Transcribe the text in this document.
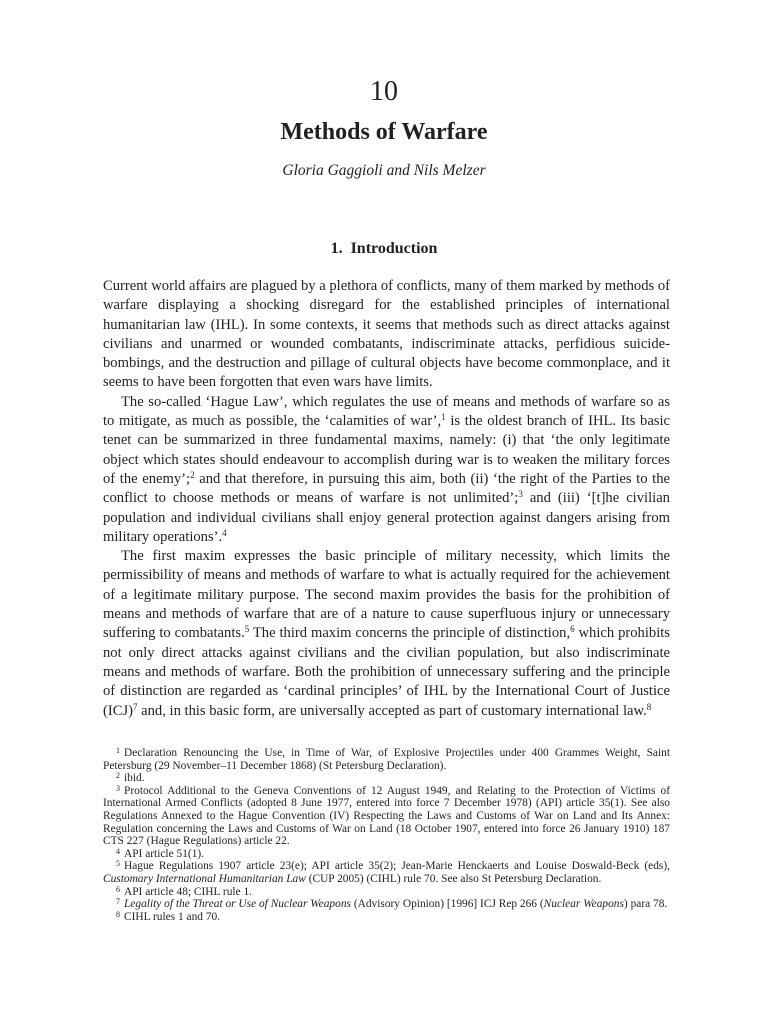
10
Methods of Warfare
Gloria Gaggioli and Nils Melzer
1. Introduction

Current world affairs are plagued by a plethora of conflicts, many of them marked by methods of warfare displaying a shocking disregard for the established principles of international humanitarian law (IHL). In some contexts, it seems that methods such as direct attacks against civilians and unarmed or wounded combatants, indiscriminate attacks, perfidious suicide-bombings, and the destruction and pillage of cultural objects have become commonplace, and it seems to have been forgotten that even wars have limits.

The so-called ‘Hague Law’, which regulates the use of means and methods of warfare so as to mitigate, as much as possible, the ‘calamities of war’,$^1$ is the oldest branch of IHL. Its basic tenet can be summarized in three fundamental maxims, namely: (i) that ‘the only legitimate object which states should endeavour to accomplish during war is to weaken the military forces of the enemy’;$^2$ and that therefore, in pursuing this aim, both (ii) ‘the right of the Parties to the conflict to choose methods or means of warfare is not unlimited’;$^3$ and (iii) ‘[t]he civilian population and individual civilians shall enjoy general protection against dangers arising from military operations’.$^4$

The first maxim expresses the basic principle of military necessity, which limits the permissibility of means and methods of warfare to what is actually required for the achievement of a legitimate military purpose. The second maxim provides the basis for the prohibition of means and methods of warfare that are of a nature to cause superfluous injury or unnecessary suffering to combatants.$^5$ The third maxim concerns the principle of distinction,$^6$ which prohibits not only direct attacks against civilians and the civilian population, but also indiscriminate means and methods of warfare. Both the prohibition of unnecessary suffering and the principle of distinction are regarded as ‘cardinal principles’ of IHL by the International Court of Justice (ICJ)$^7$ and, in this basic form, are universally accepted as part of customary international law.$^8$

$^1$ Declaration Renouncing the Use, in Time of War, of Explosive Projectiles under 400 Grammes Weight, Saint Petersburg (29 November–11 December 1868) (St Petersburg Declaration).

$^2$ ibid.

$^3$ Protocol Additional to the Geneva Conventions of 12 August 1949, and Relating to the Protection of Victims of International Armed Conflicts (adopted 8 June 1977, entered into force 7 December 1978) (API) article 35(1). See also Regulations Annexed to the Hague Convention (IV) Respecting the Laws and Customs of War on Land and Its Annex: Regulation concerning the Laws and Customs of War on Land (18 October 1907, entered into force 26 January 1910) 187 CTS 227 (Hague Regulations) article 22.

$^4$ API article 51(1).

$^5$ Hague Regulations 1907 article 23(e); API article 35(2); Jean-Marie Henckaerts and Louise Doswald-Beck (eds), Customary International Humanitarian Law (CUP 2005) (CIHL) rule 70. See also St Petersburg Declaration.

$^6$ API article 48; CIHL rule 1.

$^7$ Legality of the Threat or Use of Nuclear Weapons (Advisory Opinion) [1996] ICJ Rep 266 (Nuclear Weapons) para 78.

$^8$ CIHL rules 1 and 70.
